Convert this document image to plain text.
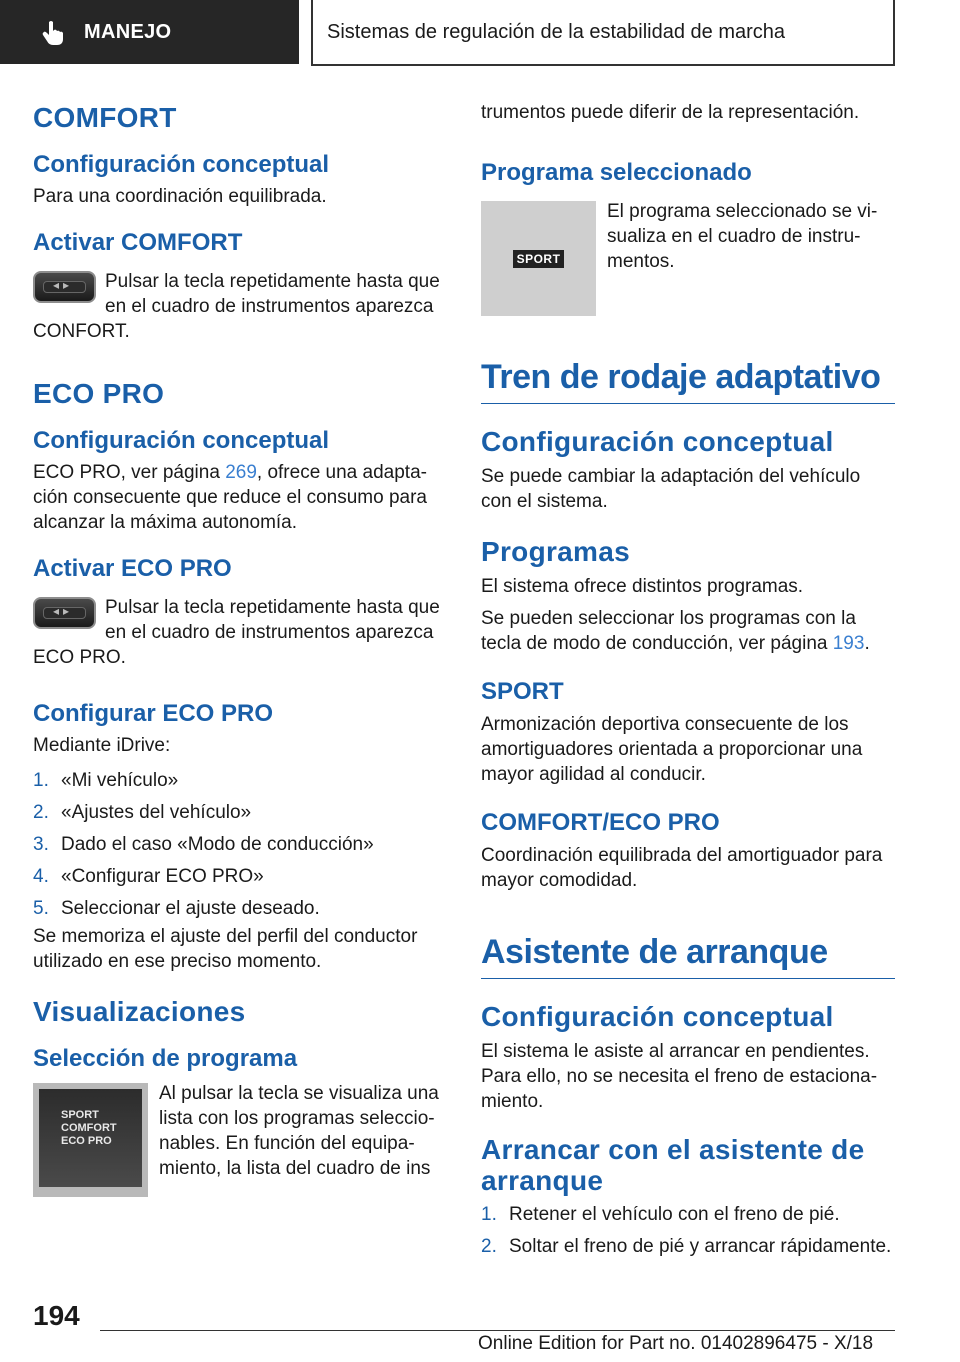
MANEJO	Sistemas de regulación de la estabilidad de marcha
COMFORT
Configuración conceptual

Para una coordinación equilibrada.

Activar COMFORT
◂▸

Pulsar la tecla repetidamente hasta que en el cuadro de instrumentos aparezca CONFORT.

ECO PRO
Configuración conceptual

ECO PRO, ver página 269, ofrece una adaptación consecuente que reduce el consumo para alcanzar la máxima autonomía.

Activar ECO PRO
◂▸

Pulsar la tecla repetidamente hasta que en el cuadro de instrumentos aparezca ECO PRO.

Configurar ECO PRO

Mediante iDrive:

1. «Mi vehículo»
2. «Ajustes del vehículo»
3. Dado el caso «Modo de conducción»
4. «Configurar ECO PRO»
5. Seleccionar el ajuste deseado.

Se memoriza el ajuste del perfil del conductor utilizado en ese preciso momento.

Visualizaciones
Selección de programa
SPORT
COMFORT
ECO PRO

Al pulsar la tecla se visualiza una lista con los programas seleccionables. En función del equipamiento, la lista del cuadro de ins

trumentos puede diferir de la representación.

Programa seleccionado
SPORT

El programa seleccionado se visualiza en el cuadro de instrumentos.

Tren de rodaje adaptativo
Configuración conceptual

Se puede cambiar la adaptación del vehículo con el sistema.

Programas

El sistema ofrece distintos programas.

Se pueden seleccionar los programas con la tecla de modo de conducción, ver página 193.

SPORT

Armonización deportiva consecuente de los amortiguadores orientada a proporcionar una mayor agilidad al conducir.

COMFORT/ECO PRO

Coordinación equilibrada del amortiguador para mayor comodidad.

Asistente de arranque
Configuración conceptual

El sistema le asiste al arrancar en pendientes. Para ello, no se necesita el freno de estacionamiento.

Arrancar con el asistente de arranque
1. Retener el vehículo con el freno de pié.
2. Soltar el freno de pié y arrancar rápidamente.
194
Online Edition for Part no. 01402896475 - X/18
